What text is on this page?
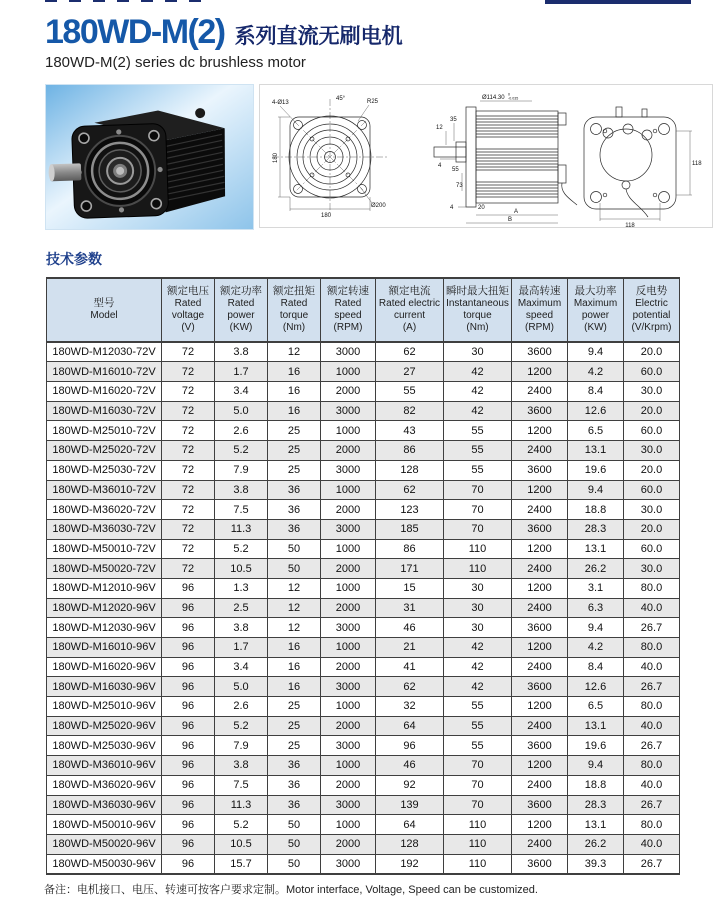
180WD-M(2) 系列直流无刷电机
180WD-M(2) series dc brushless motor
4-Ø13
45°	R25
180
180
Ø200
Ø114.30
0
-0.035
35
12
4
55
73
4	20
A
B
118
118
技术参数
型号
Model

额定电压
Rated voltage
(V)

额定功率
Rated power
(KW)

额定扭矩
Rated torque
(Nm)

额定转速
Rated speed
(RPM)

额定电流
Rated electric current
(A)

瞬时最大扭矩
Instantaneous torque
(Nm)

最高转速
Maximum speed
(RPM)

最大功率
Maximum power
(KW)

反电势
Electric potential
(V/Krpm)

180WD-M12030-72V	72	3.8	12	3000	62	30	3600	9.4	20.0
180WD-M16010-72V	72	1.7	16	1000	27	42	1200	4.2	60.0
180WD-M16020-72V	72	3.4	16	2000	55	42	2400	8.4	30.0
180WD-M16030-72V	72	5.0	16	3000	82	42	3600	12.6	20.0
180WD-M25010-72V	72	2.6	25	1000	43	55	1200	6.5	60.0
180WD-M25020-72V	72	5.2	25	2000	86	55	2400	13.1	30.0
180WD-M25030-72V	72	7.9	25	3000	128	55	3600	19.6	20.0
180WD-M36010-72V	72	3.8	36	1000	62	70	1200	9.4	60.0
180WD-M36020-72V	72	7.5	36	2000	123	70	2400	18.8	30.0
180WD-M36030-72V	72	11.3	36	3000	185	70	3600	28.3	20.0
180WD-M50010-72V	72	5.2	50	1000	86	110	1200	13.1	60.0
180WD-M50020-72V	72	10.5	50	2000	171	110	2400	26.2	30.0
180WD-M12010-96V	96	1.3	12	1000	15	30	1200	3.1	80.0
180WD-M12020-96V	96	2.5	12	2000	31	30	2400	6.3	40.0
180WD-M12030-96V	96	3.8	12	3000	46	30	3600	9.4	26.7
180WD-M16010-96V	96	1.7	16	1000	21	42	1200	4.2	80.0
180WD-M16020-96V	96	3.4	16	2000	41	42	2400	8.4	40.0
180WD-M16030-96V	96	5.0	16	3000	62	42	3600	12.6	26.7
180WD-M25010-96V	96	2.6	25	1000	32	55	1200	6.5	80.0
180WD-M25020-96V	96	5.2	25	2000	64	55	2400	13.1	40.0
180WD-M25030-96V	96	7.9	25	3000	96	55	3600	19.6	26.7
180WD-M36010-96V	96	3.8	36	1000	46	70	1200	9.4	80.0
180WD-M36020-96V	96	7.5	36	2000	92	70	2400	18.8	40.0
180WD-M36030-96V	96	11.3	36	3000	139	70	3600	28.3	26.7
180WD-M50010-96V	96	5.2	50	1000	64	110	1200	13.1	80.0
180WD-M50020-96V	96	10.5	50	2000	128	110	2400	26.2	40.0
180WD-M50030-96V	96	15.7	50	3000	192	110	3600	39.3	26.7
备注：电机接口、电压、转速可按客户要求定制。Motor interface, Voltage, Speed can be customized.
